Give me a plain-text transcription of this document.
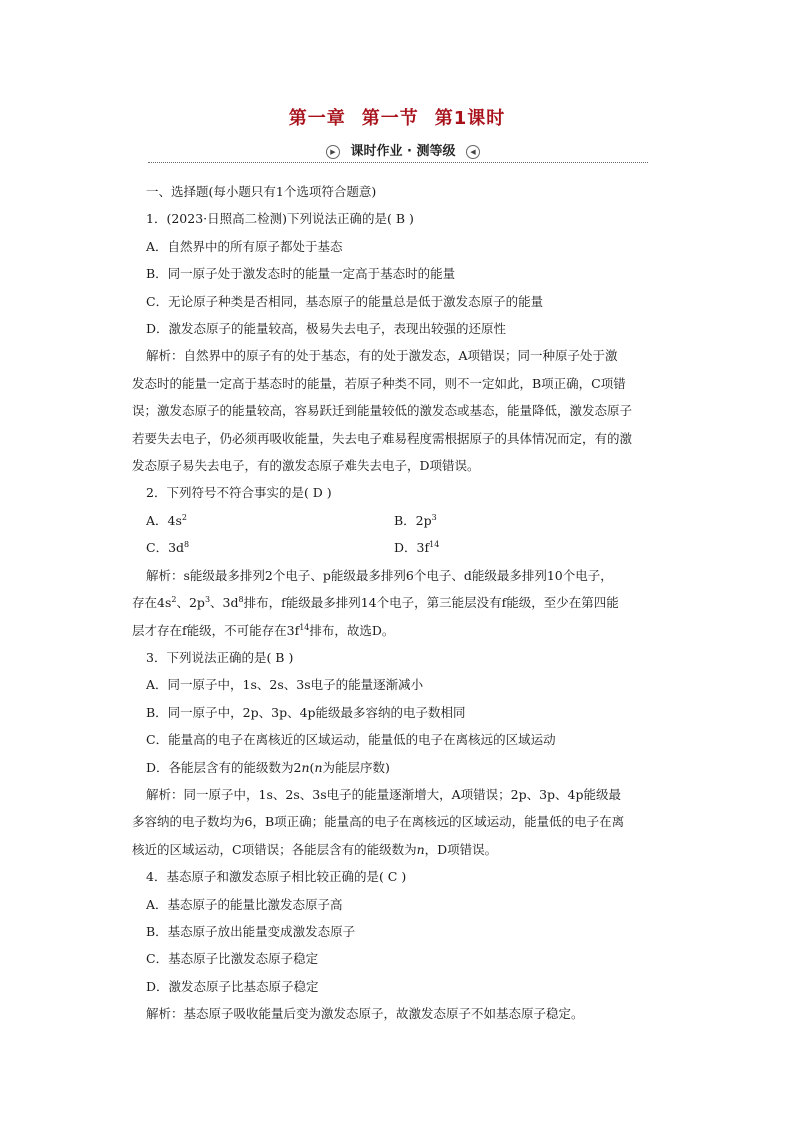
第一章 第一节 第1课时
课时作业 · 测等级
▶	◀
一、选择题(每小题只有1个选项符合题意)
1．(2023·日照高二检测)下列说法正确的是( B )
A．自然界中的所有原子都处于基态
B．同一原子处于激发态时的能量一定高于基态时的能量
C．无论原子种类是否相同，基态原子的能量总是低于激发态原子的能量
D．激发态原子的能量较高，极易失去电子，表现出较强的还原性
解析：自然界中的原子有的处于基态，有的处于激发态，A项错误；同一种原子处于激
发态时的能量一定高于基态时的能量，若原子种类不同，则不一定如此，B项正确，C项错
误；激发态原子的能量较高，容易跃迁到能量较低的激发态或基态，能量降低，激发态原子
若要失去电子，仍必须再吸收能量，失去电子难易程度需根据原子的具体情况而定，有的激
发态原子易失去电子，有的激发态原子难失去电子，D项错误。
2．下列符号不符合事实的是( D )
A．$4s^2$	B．$2p^3$
C．$3d^8$	D．$3f^{14}$
解析：s能级最多排列2个电子、p能级最多排列6个电子、d能级最多排列10个电子，
存在$4s^2$、$2p^3$、$3d^8$排布，f能级最多排列14个电子，第三能层没有f能级，至少在第四能
层才存在f能级，不可能存在$3f^{14}$排布，故选D。
3．下列说法正确的是( B )
A．同一原子中，1s、2s、3s电子的能量逐渐减小
B．同一原子中，2p、3p、4p能级最多容纳的电子数相同
C．能量高的电子在离核近的区域运动，能量低的电子在离核远的区域运动
D．各能层含有的能级数为2n(n为能层序数)
解析：同一原子中，1s、2s、3s电子的能量逐渐增大，A项错误；2p、3p、4p能级最
多容纳的电子数均为6，B项正确；能量高的电子在离核远的区域运动，能量低的电子在离
核近的区域运动，C项错误；各能层含有的能级数为n，D项错误。
4．基态原子和激发态原子相比较正确的是( C )
A．基态原子的能量比激发态原子高
B．基态原子放出能量变成激发态原子
C．基态原子比激发态原子稳定
D．激发态原子比基态原子稳定
解析：基态原子吸收能量后变为激发态原子，故激发态原子不如基态原子稳定。
